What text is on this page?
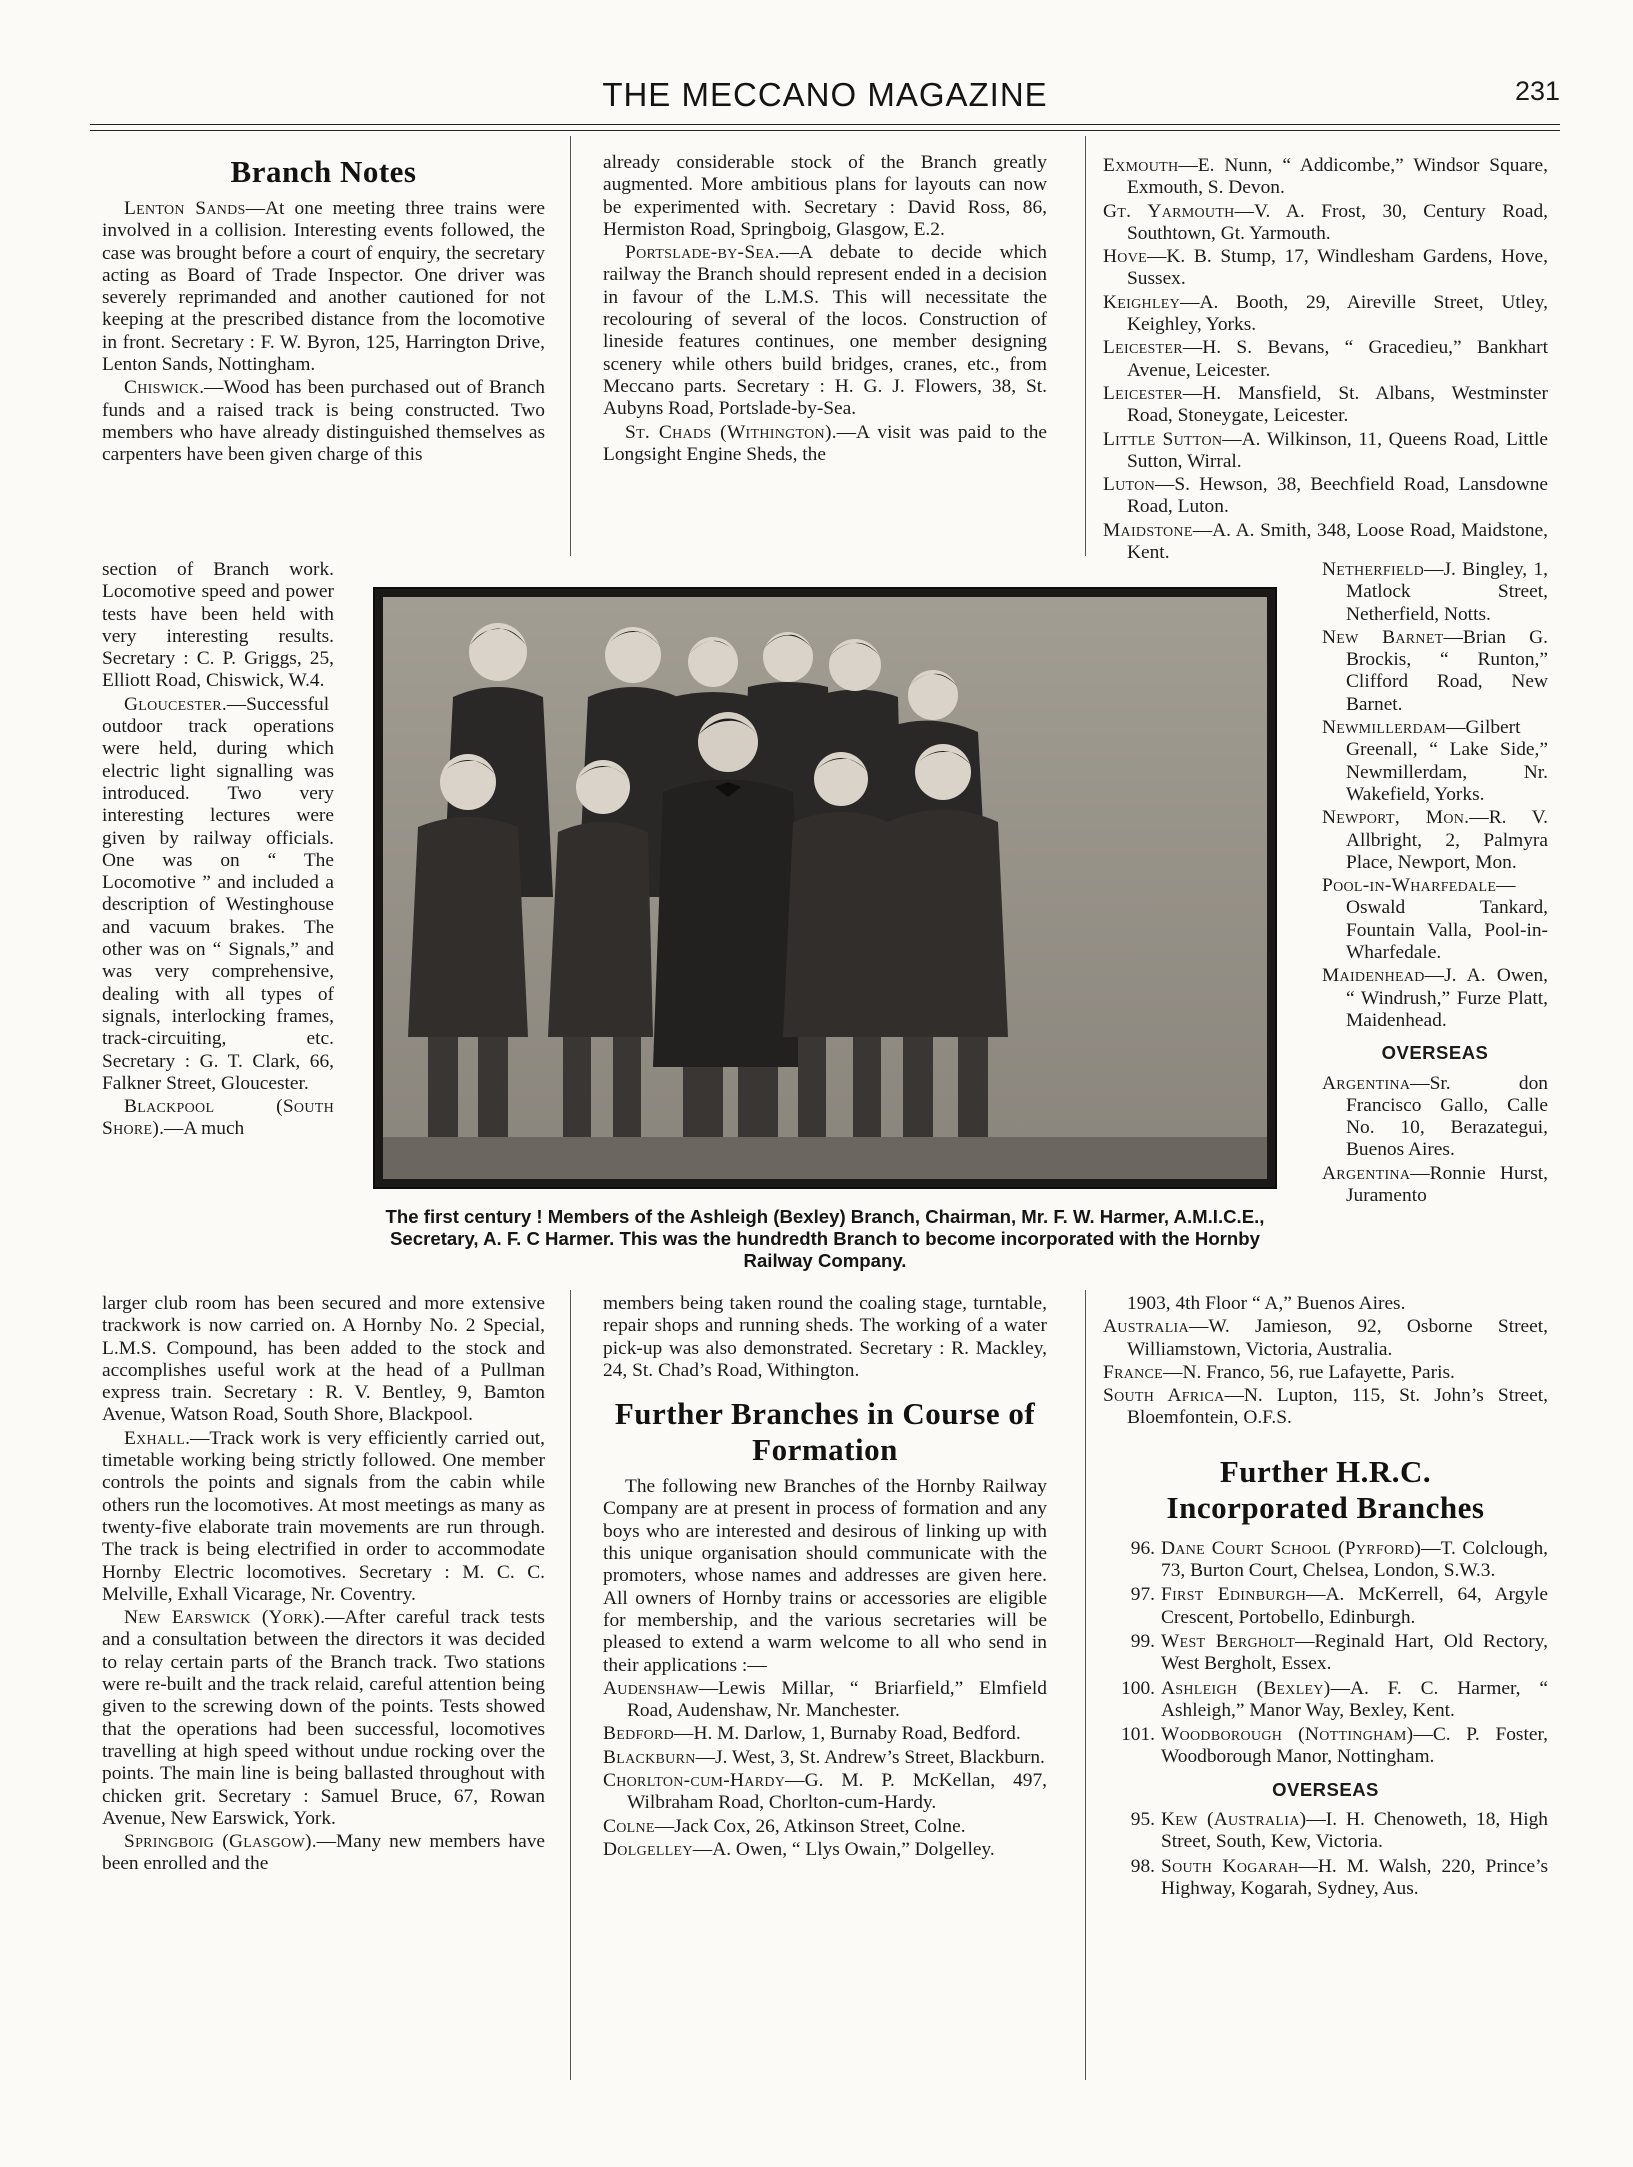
THE MECCANO MAGAZINE	231
Branch Notes

Lenton Sands—At one meeting three trains were involved in a collision. Interesting events followed, the case was brought before a court of enquiry, the secretary acting as Board of Trade Inspector. One driver was severely reprimanded and another cautioned for not keeping at the prescribed distance from the locomotive in front. Secretary : F. W. Byron, 125, Harrington Drive, Lenton Sands, Nottingham.

Chiswick.—Wood has been purchased out of Branch funds and a raised track is being constructed. Two members who have already distinguished themselves as carpenters have been given charge of this

section of Branch work. Locomotive speed and power tests have been held with very interesting results. Secretary : C. P. Griggs, 25, Elliott Road, Chiswick, W.4.

Gloucester.—Successful outdoor track operations were held, during which electric light signalling was introduced. Two very interesting lectures were given by railway officials. One was on “ The Locomotive ” and included a description of Westinghouse and vacuum brakes. The other was on “ Signals,” and was very comprehensive, dealing with all types of signals, interlocking frames, track-circuiting, etc. Secretary : G. T. Clark, 66, Falkner Street, Gloucester.

Blackpool (South Shore).—A much

larger club room has been secured and more extensive trackwork is now carried on. A Hornby No. 2 Special, L.M.S. Compound, has been added to the stock and accomplishes useful work at the head of a Pullman express train. Secretary : R. V. Bentley, 9, Bamton Avenue, Watson Road, South Shore, Blackpool.

Exhall.—Track work is very efficiently carried out, timetable working being strictly followed. One member controls the points and signals from the cabin while others run the locomotives. At most meetings as many as twenty-five elaborate train movements are run through. The track is being electrified in order to accommodate Hornby Electric locomotives. Secretary : M. C. C. Melville, Exhall Vicarage, Nr. Coventry.

New Earswick (York).—After careful track tests and a consultation between the directors it was decided to relay certain parts of the Branch track. Two stations were re-built and the track relaid, careful attention being given to the screwing down of the points. Tests showed that the operations had been successful, locomotives travelling at high speed without undue rocking over the points. The main line is being ballasted throughout with chicken grit. Secretary : Samuel Bruce, 67, Rowan Avenue, New Earswick, York.

Springboig (Glasgow).—Many new members have been enrolled and the

already considerable stock of the Branch greatly augmented. More ambitious plans for layouts can now be experimented with. Secretary : David Ross, 86, Hermiston Road, Springboig, Glasgow, E.2.

Portslade-by-Sea.—A debate to decide which railway the Branch should represent ended in a decision in favour of the L.M.S. This will necessitate the recolouring of several of the locos. Construction of lineside features continues, one member designing scenery while others build bridges, cranes, etc., from Meccano parts. Secretary : H. G. J. Flowers, 38, St. Aubyns Road, Portslade-by-Sea.

St. Chads (Withington).—A visit was paid to the Longsight Engine Sheds, the

The first century ! Members of the Ashleigh (Bexley) Branch, Chairman, Mr. F. W. Harmer, A.M.I.C.E., Secretary, A. F. C Harmer. This was the hundredth Branch to become incorporated with the Hornby Railway Company.

members being taken round the coaling stage, turntable, repair shops and running sheds. The working of a water pick-up was also demonstrated. Secretary : R. Mackley, 24, St. Chad’s Road, Withington.

Further Branches in Course of Formation

The following new Branches of the Hornby Railway Company are at present in process of formation and any boys who are interested and desirous of linking up with this unique organisation should communicate with the promoters, whose names and addresses are given here. All owners of Hornby trains or accessories are eligible for membership, and the various secretaries will be pleased to extend a warm welcome to all who send in their applications :—

Audenshaw—Lewis Millar, “ Briarfield,” Elmfield Road, Audenshaw, Nr. Manchester.

Bedford—H. M. Darlow, 1, Burnaby Road, Bedford.

Blackburn—J. West, 3, St. Andrew’s Street, Blackburn.

Chorlton-cum-Hardy—G. M. P. McKellan, 497, Wilbraham Road, Chorlton-cum-Hardy.

Colne—Jack Cox, 26, Atkinson Street, Colne.

Dolgelley—A. Owen, “ Llys Owain,” Dolgelley.

Exmouth—E. Nunn, “ Addicombe,” Windsor Square, Exmouth, S. Devon.

Gt. Yarmouth—V. A. Frost, 30, Century Road, Southtown, Gt. Yarmouth.

Hove—K. B. Stump, 17, Windlesham Gardens, Hove, Sussex.

Keighley—A. Booth, 29, Aireville Street, Utley, Keighley, Yorks.

Leicester—H. S. Bevans, “ Gracedieu,” Bankhart Avenue, Leicester.

Leicester—H. Mansfield, St. Albans, Westminster Road, Stoneygate, Leicester.

Little Sutton—A. Wilkinson, 11, Queens Road, Little Sutton, Wirral.

Luton—S. Hewson, 38, Beechfield Road, Lansdowne Road, Luton.

Maidstone—A. A. Smith, 348, Loose Road, Maidstone, Kent.

Netherfield—J. Bingley, 1, Matlock Street, Netherfield, Notts.

New Barnet—Brian G. Brockis, “ Runton,” Clifford Road, New Barnet.

Newmillerdam—Gilbert Greenall, “ Lake Side,” Newmillerdam, Nr. Wakefield, Yorks.

Newport, Mon.—R. V. Allbright, 2, Palmyra Place, Newport, Mon.

Pool-in-Wharfedale—Oswald Tankard, Fountain Valla, Pool-in-Wharfedale.

Maidenhead—J. A. Owen, “ Windrush,” Furze Platt, Maidenhead.

OVERSEAS

Argentina—Sr. don Francisco Gallo, Calle No. 10, Berazategui, Buenos Aires.

Argentina—Ronnie Hurst, Juramento

1903, 4th Floor “ A,” Buenos Aires.

Australia—W. Jamieson, 92, Osborne Street, Williamstown, Victoria, Australia.

France—N. Franco, 56, rue Lafayette, Paris.

South Africa—N. Lupton, 115, St. John’s Street, Bloemfontein, O.F.S.

Further H.R.C.
Incorporated Branches
96. Dane Court School (Pyrford)—T. Colclough, 73, Burton Court, Chelsea, London, S.W.3.
97. First Edinburgh—A. McKerrell, 64, Argyle Crescent, Portobello, Edinburgh.
99. West Bergholt—Reginald Hart, Old Rectory, West Bergholt, Essex.
100. Ashleigh (Bexley)—A. F. C. Harmer, “ Ashleigh,” Manor Way, Bexley, Kent.
101. Woodborough (Nottingham)—C. P. Foster, Woodborough Manor, Nottingham.
OVERSEAS
95. Kew (Australia)—I. H. Chenoweth, 18, High Street, South, Kew, Victoria.
98. South Kogarah—H. M. Walsh, 220, Prince’s Highway, Kogarah, Sydney, Aus.
